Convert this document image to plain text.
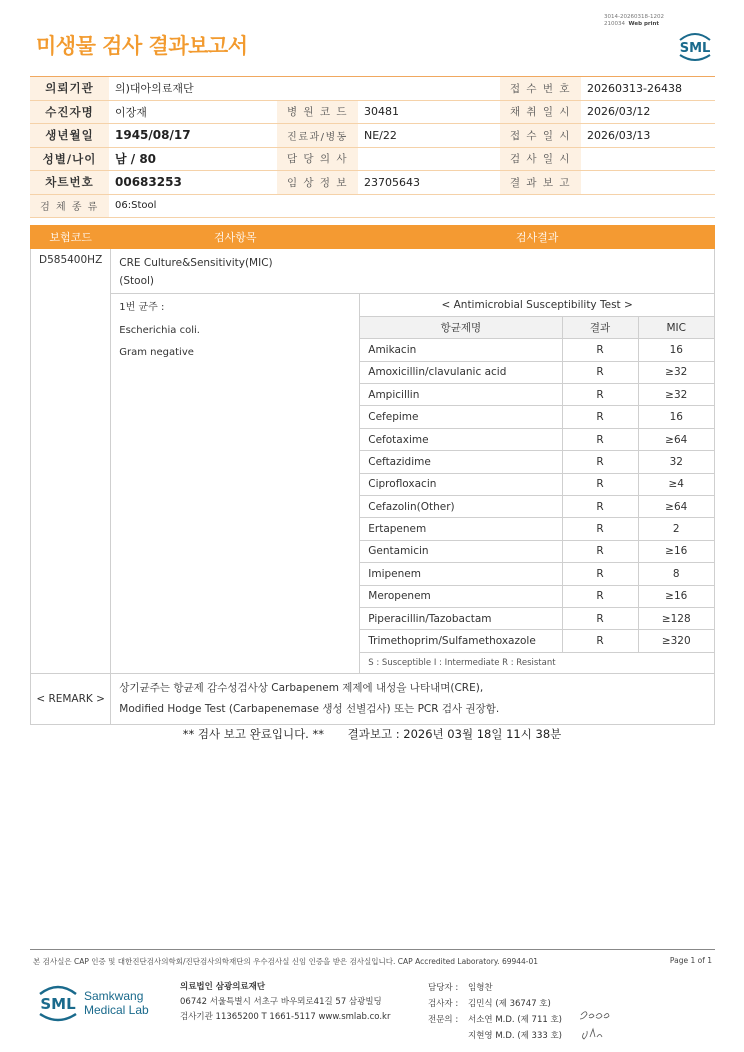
3014-20260318-1202
210034 Web print
미생물 검사 결과보고서	SML
의뢰기관	의)대아의료재단			접 수 번 호	20260313-26438
수진자명	이장재	병 원 코 드	30481	채 취 일 시	2026/03/12
생년월일	1945/08/17	진료과/병동	NE/22	접 수 일 시	2026/03/13
성별/나이	남 / 80	담 당 의 사		검 사 일 시	
차트번호	00683253	임 상 정 보	23705643	결 과 보 고	
검 체 종 류	06:Stool				
보험코드	검사항목	검사결과
D585400HZ	CRE Culture&Sensitivity(MIC)
(Stool)

1번 균주 :
Escherichia coli.
Gram negative

< Antimicrobial Susceptibility Test >
항균제명	결과	MIC
Amikacin	R	16
Amoxicillin/clavulanic acid	R	≥32
Ampicillin	R	≥32
Cefepime	R	16
Cefotaxime	R	≥64
Ceftazidime	R	32
Ciprofloxacin	R	≥4
Cefazolin(Other)	R	≥64
Ertapenem	R	2
Gentamicin	R	≥16
Imipenem	R	8
Meropenem	R	≥16
Piperacillin/Tazobactam	R	≥128
Trimethoprim/Sulfamethoxazole	R	≥320
S : Susceptible I : Intermediate R : Resistant

< REMARK >	
상기균주는 항균제 감수성검사상 Carbapenem 제제에 내성을 나타내며(CRE),
Modified Hodge Test (Carbapenemase 생성 선별검사) 또는 PCR 검사 권장함.
** 검사 보고 완료입니다. ** 결과보고 : 2026년 03월 18일 11시 38분
본 검사실은 CAP 인증 및 대한진단검사의학회/진단검사의학재단의 우수검사실 신임 인증을 받은 검사실입니다. CAP Accredited Laboratory. 69944-01	Page 1 of 1
SML Samkwang
Medical Lab
의료법인 삼광의료재단
06742 서울특별시 서초구 바우뫼로41길 57 삼광빌딩
검사기관 11365200 T 1661-5117 www.smlab.co.kr
담당자 :	임형찬
검사자 :	김민식 (제 36747 호)
전문의 :	서소연 M.D. (제 711 호)
지현영 M.D. (제 333 호)
